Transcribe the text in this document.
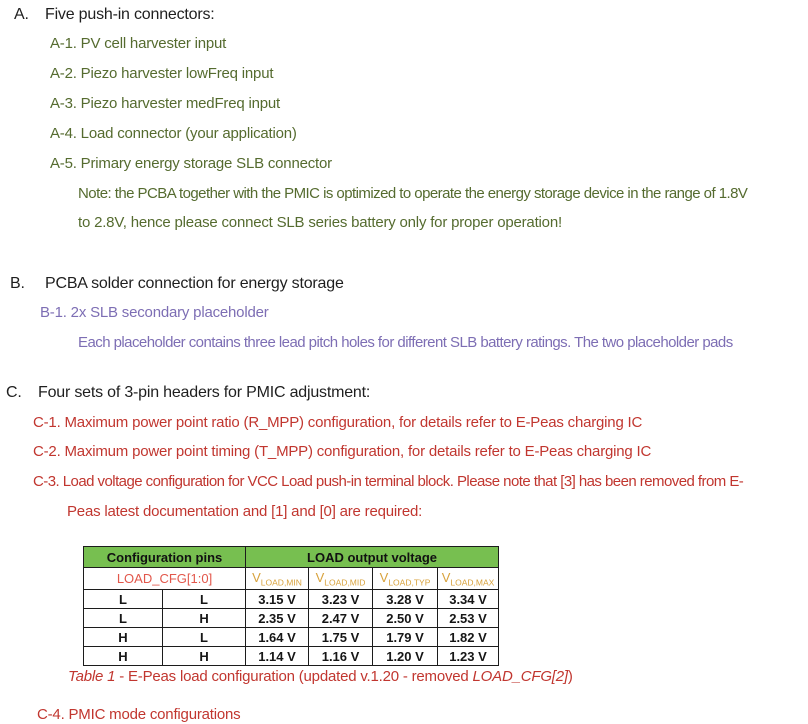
A. Five push-in connectors:
A-1. PV cell harvester input
A-2. Piezo harvester lowFreq input
A-3. Piezo harvester medFreq input
A-4. Load connector (your application)
A-5. Primary energy storage SLB connector
Note: the PCBA together with the PMIC is optimized to operate the energy storage device in the range of 1.8V
to 2.8V, hence please connect SLB series battery only for proper operation!
B. PCBA solder connection for energy storage
B-1. 2x SLB secondary placeholder
Each placeholder contains three lead pitch holes for different SLB battery ratings. The two placeholder pads
C. Four sets of 3-pin headers for PMIC adjustment:
C-1. Maximum power point ratio (R_MPP) configuration, for details refer to E-Peas charging IC
C-2. Maximum power point timing (T_MPP) configuration, for details refer to E-Peas charging IC
C-3. Load voltage configuration for VCC Load push-in terminal block. Please note that [3] has been removed from E-
Peas latest documentation and [1] and [0] are required:
Configuration pins		LOAD output voltage			
LOAD_CFG[1:0]		$V_{LOAD,MIN}$	$V_{LOAD,MID}$	$V_{LOAD,TYP}$	$V_{LOAD,MAX}$
L	L	3.15 V	3.23 V	3.28 V	3.34 V
L	H	2.35 V	2.47 V	2.50 V	2.53 V
H	L	1.64 V	1.75 V	1.79 V	1.82 V
H	H	1.14 V	1.16 V	1.20 V	1.23 V
Table 1 - E-Peas load configuration (updated v.1.20 - removed LOAD_CFG[2])
C-4. PMIC mode configurations
